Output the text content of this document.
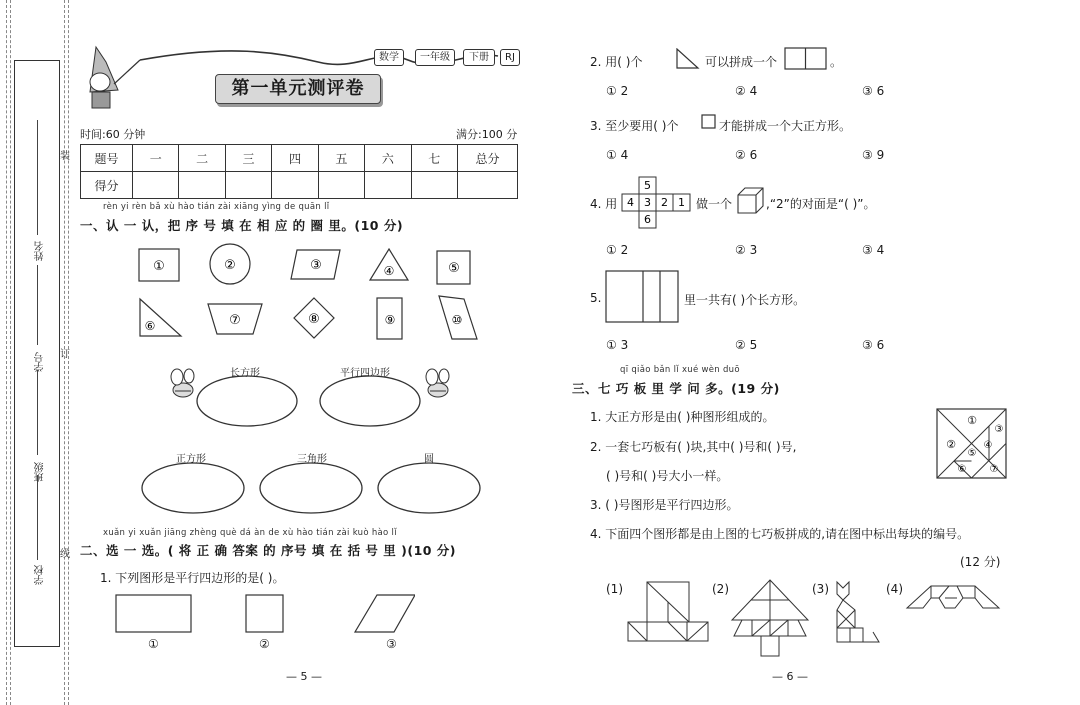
学校
班级
学号
姓名
装
订
线
数学	一年级	下册	RJ
第一单元测评卷
时间:60 分钟	满分:100 分
题号	一	二	三	四	五	六	七	总分
得分								
rèn yi rèn bǎ xù hào tián zài xiāng yìng de quān lǐ
一、认 一 认，把 序 号 填 在 相 应 的 圈 里。(10 分)
①	②	③	④	⑤
⑥	⑦	⑧	⑨	⑩
长方形	平行四边形
正方形	三角形	圆
xuǎn yi xuǎn jiāng zhèng què dá àn de xù hào tián zài kuò hào lǐ
二、选 一 选。( 将 正 确 答案 的 序号 填 在 括 号 里 )(10 分)
1. 下列图形是平行四边形的是( )。
①	②	③
— 5 —
2. 用( )个	可以拼成一个	。
① 2	② 4	③ 6
3. 至少要用( )个	才能拼成一个大正方形。
① 4	② 6	③ 9
4. 用
5
4 3 2 1
6
做一个	,“2”的对面是“( )”。
① 2	② 3	③ 4
5.	里一共有( )个长方形。
① 3	② 5	③ 6
qī qiǎo bǎn lǐ xué wèn duō
三、七 巧 板 里 学 问 多。(19 分)
1. 大正方形是由( )种图形组成的。
2. 一套七巧板有( )块,其中( )号和( )号,
( )号和( )号大小一样。
3. ( )号图形是平行四边形。
①
②
③
④
⑤
⑥ ⑦
4. 下面四个图形都是由上图的七巧板拼成的,请在图中标出每块的编号。
(12 分)
(1)	(2)	(3)	(4)
— 6 —
